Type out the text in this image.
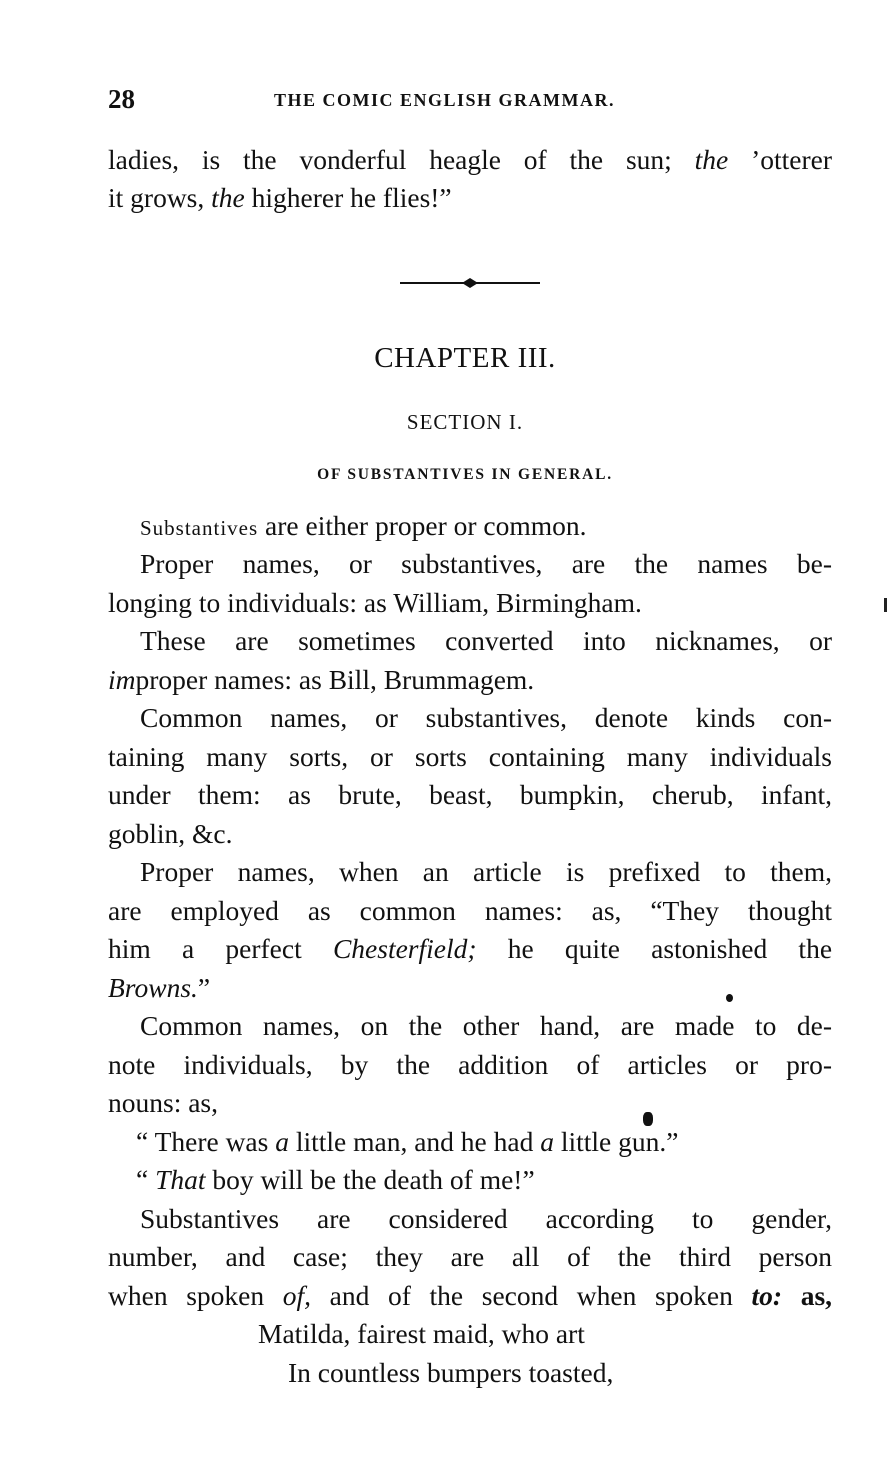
28	THE COMIC ENGLISH GRAMMAR.
ladies, is the vonderful heagle of the sun; the ’otterer
it grows, the higherer he flies!”
CHAPTER III.
SECTION I.
OF SUBSTANTIVES IN GENERAL.
Substantives are either proper or common.
Proper names, or substantives, are the names be-
longing to individuals: as William, Birmingham.
These are sometimes converted into nicknames, or
improper names: as Bill, Brummagem.
Common names, or substantives, denote kinds con-
taining many sorts, or sorts containing many individuals
under them: as brute, beast, bumpkin, cherub, infant,
goblin, &c.
Proper names, when an article is prefixed to them,
are employed as common names: as, “They thought
him a perfect Chesterfield; he quite astonished the
Browns.”
Common names, on the other hand, are made to de-
note individuals, by the addition of articles or pro-
nouns: as,
“ There was a little man, and he had a little gun.”
“ That boy will be the death of me!”
Substantives are considered according to gender,
number, and case; they are all of the third person
when spoken of, and of the second when spoken to: as,
Matilda, fairest maid, who art
In countless bumpers toasted,
